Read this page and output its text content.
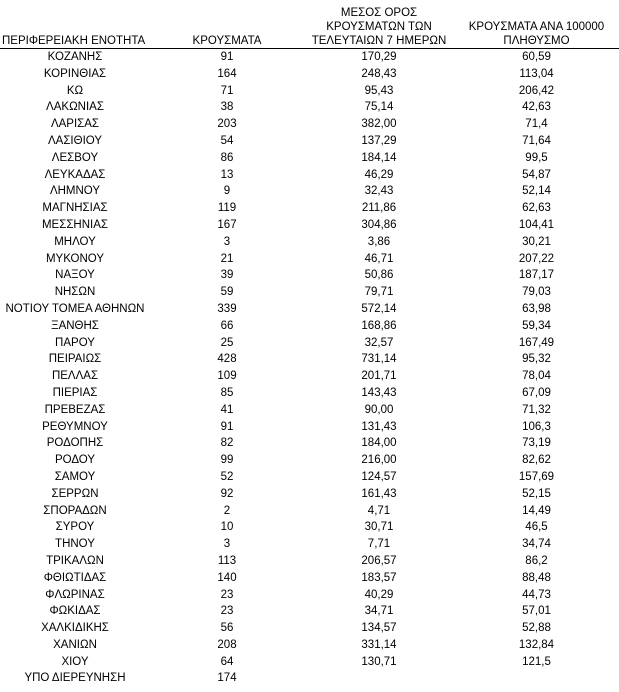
ΠΕΡΙΦΕΡΕΙΑΚΗ ΕΝΟΤΗΤΑ	ΚΡΟΥΣΜΑΤΑ	ΜΕΣΟΣ ΟΡΟΣ
ΚΡΟΥΣΜΑΤΩΝ ΤΩΝ
ΤΕΛΕΥΤΑΙΩΝ 7 ΗΜΕΡΩΝ	ΚΡΟΥΣΜΑΤΑ ΑΝΑ 100000
ΠΛΗΘΥΣΜΟ

ΚΟΖΑΝΗΣ	91	170,29	60,59
ΚΟΡΙΝΘΙΑΣ	164	248,43	113,04
ΚΩ	71	95,43	206,42
ΛΑΚΩΝΙΑΣ	38	75,14	42,63
ΛΑΡΙΣΑΣ	203	382,00	71,4
ΛΑΣΙΘΙΟΥ	54	137,29	71,64
ΛΕΣΒΟΥ	86	184,14	99,5
ΛΕΥΚΑΔΑΣ	13	46,29	54,87
ΛΗΜΝΟΥ	9	32,43	52,14
ΜΑΓΝΗΣΙΑΣ	119	211,86	62,63
ΜΕΣΣΗΝΙΑΣ	167	304,86	104,41
ΜΗΛΟΥ	3	3,86	30,21
ΜΥΚΟΝΟΥ	21	46,71	207,22
ΝΑΞΟΥ	39	50,86	187,17
ΝΗΣΩΝ	59	79,71	79,03
ΝΟΤΙΟΥ ΤΟΜΕΑ ΑΘΗΝΩΝ	339	572,14	63,98
ΞΑΝΘΗΣ	66	168,86	59,34
ΠΑΡΟΥ	25	32,57	167,49
ΠΕΙΡΑΙΩΣ	428	731,14	95,32
ΠΕΛΛΑΣ	109	201,71	78,04
ΠΙΕΡΙΑΣ	85	143,43	67,09
ΠΡΕΒΕΖΑΣ	41	90,00	71,32
ΡΕΘΥΜΝΟΥ	91	131,43	106,3
ΡΟΔΟΠΗΣ	82	184,00	73,19
ΡΟΔΟΥ	99	216,00	82,62
ΣΑΜΟΥ	52	124,57	157,69
ΣΕΡΡΩΝ	92	161,43	52,15
ΣΠΟΡΑΔΩΝ	2	4,71	14,49
ΣΥΡΟΥ	10	30,71	46,5
ΤΗΝΟΥ	3	7,71	34,74
ΤΡΙΚΑΛΩΝ	113	206,57	86,2
ΦΘΙΩΤΙΔΑΣ	140	183,57	88,48
ΦΛΩΡΙΝΑΣ	23	40,29	44,73
ΦΩΚΙΔΑΣ	23	34,71	57,01
ΧΑΛΚΙΔΙΚΗΣ	56	134,57	52,88
ΧΑΝΙΩΝ	208	331,14	132,84
ΧΙΟΥ	64	130,71	121,5
ΥΠΟ ΔΙΕΡΕΥΝΗΣΗ	174		
